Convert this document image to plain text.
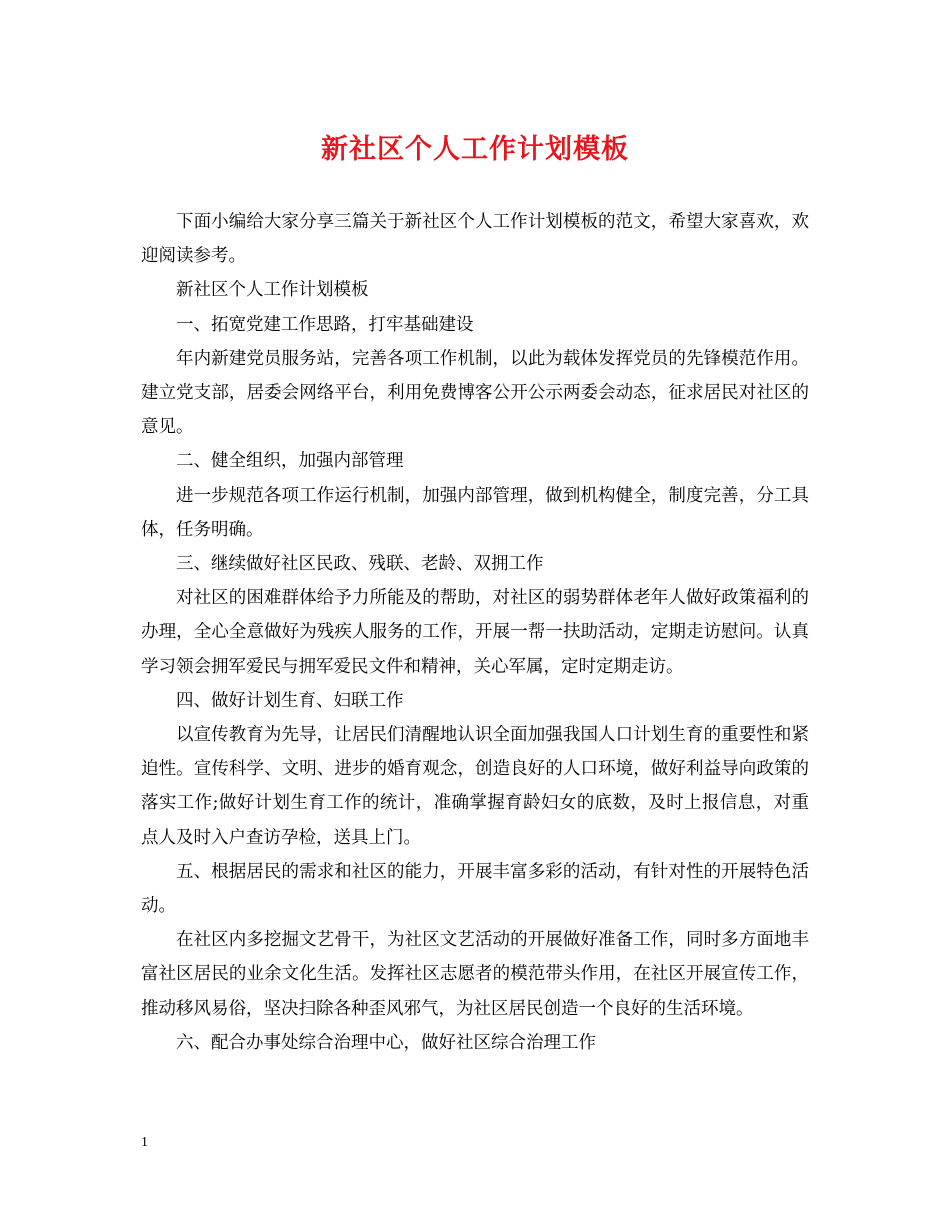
新社区个人工作计划模板

下面小编给大家分享三篇关于新社区个人工作计划模板的范文，希望大家喜欢，欢迎阅读参考。

新社区个人工作计划模板

一、拓宽党建工作思路，打牢基础建设

年内新建党员服务站，完善各项工作机制，以此为载体发挥党员的先锋模范作用。建立党支部，居委会网络平台，利用免费博客公开公示两委会动态，征求居民对社区的意见。

二、健全组织，加强内部管理

进一步规范各项工作运行机制，加强内部管理，做到机构健全，制度完善，分工具体，任务明确。

三、继续做好社区民政、残联、老龄、双拥工作

对社区的困难群体给予力所能及的帮助，对社区的弱势群体老年人做好政策福利的办理，全心全意做好为残疾人服务的工作，开展一帮一扶助活动，定期走访慰问。认真学习领会拥军爱民与拥军爱民文件和精神，关心军属，定时定期走访。

四、做好计划生育、妇联工作

以宣传教育为先导，让居民们清醒地认识全面加强我国人口计划生育的重要性和紧迫性。宣传科学、文明、进步的婚育观念，创造良好的人口环境，做好利益导向政策的落实工作;做好计划生育工作的统计，准确掌握育龄妇女的底数，及时上报信息，对重点人及时入户查访孕检，送具上门。

五、根据居民的需求和社区的能力，开展丰富多彩的活动，有针对性的开展特色活动。

在社区内多挖掘文艺骨干，为社区文艺活动的开展做好准备工作，同时多方面地丰富社区居民的业余文化生活。发挥社区志愿者的模范带头作用，在社区开展宣传工作，推动移风易俗，坚决扫除各种歪风邪气，为社区居民创造一个良好的生活环境。

六、配合办事处综合治理中心，做好社区综合治理工作

1
